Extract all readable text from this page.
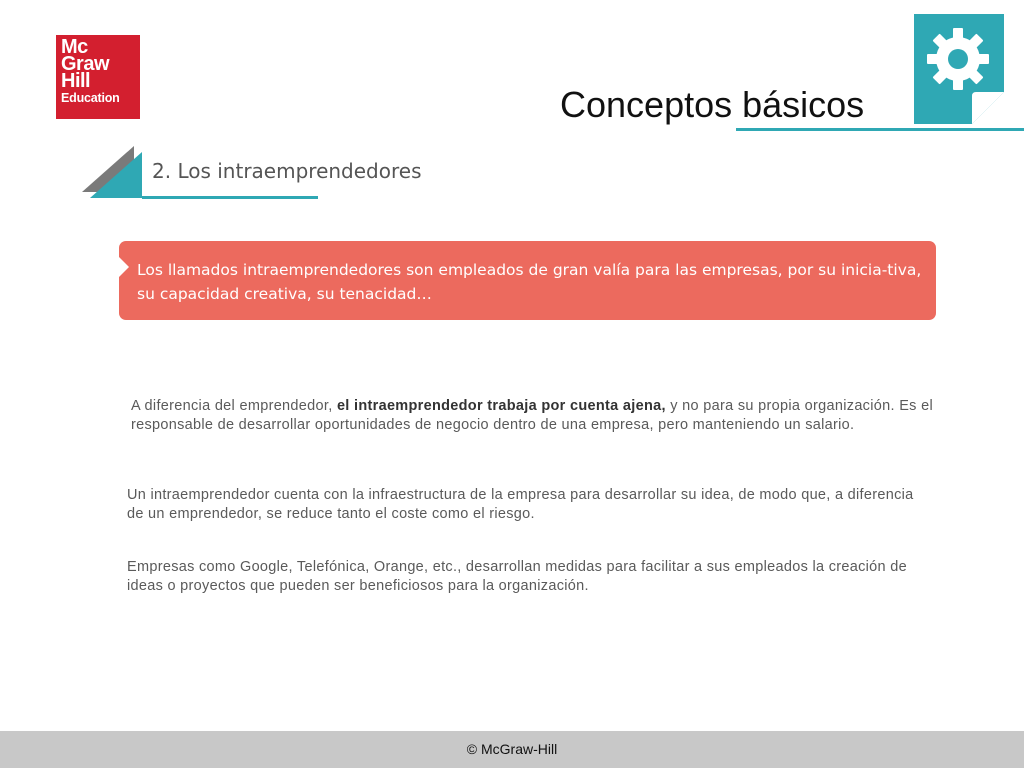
Mc
Graw
Hill
Education	Conceptos básicos
2. Los intraemprendedores
Los llamados intraemprendedores son empleados de gran valía para las empresas, por su inicia-tiva, su capacidad creativa, su tenacidad…
A diferencia del emprendedor, el intraemprendedor trabaja por cuenta ajena, y no para su propia organización. Es el responsable de desarrollar oportunidades de negocio dentro de una empresa, pero manteniendo un salario.
Un intraemprendedor cuenta con la infraestructura de la empresa para desarrollar su idea, de modo que, a diferencia de un emprendedor, se reduce tanto el coste como el riesgo.
Empresas como Google, Telefónica, Orange, etc., desarrollan medidas para facilitar a sus empleados la creación de ideas o proyectos que pueden ser beneficiosos para la organización.
© McGraw-Hill
